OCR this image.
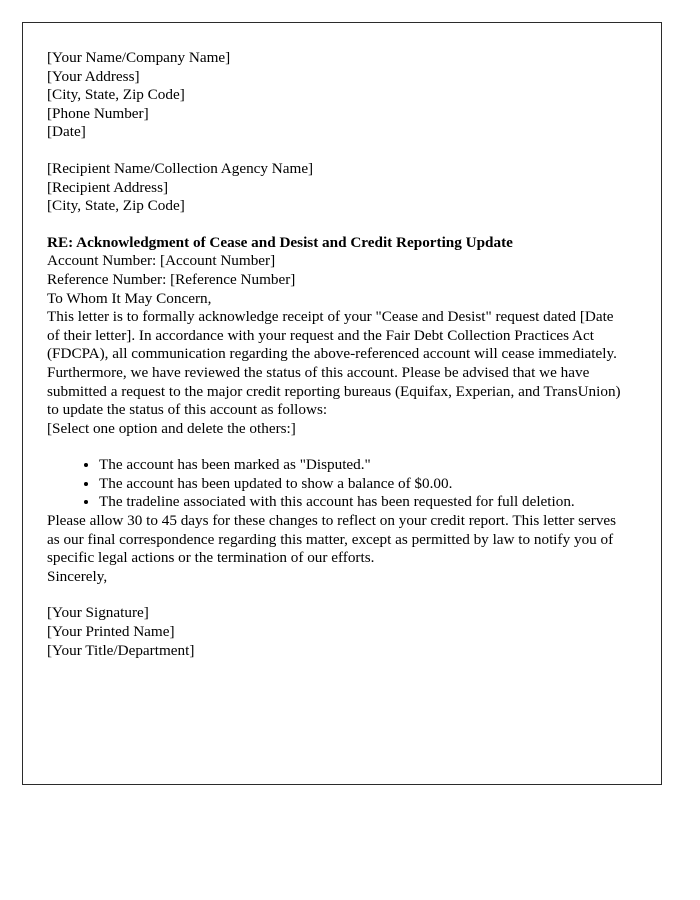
[Your Name/Company Name]
[Your Address]
[City, State, Zip Code]
[Phone Number]
[Date]
[Recipient Name/Collection Agency Name]
[Recipient Address]
[City, State, Zip Code]
RE: Acknowledgment of Cease and Desist and Credit Reporting Update
Account Number: [Account Number]
Reference Number: [Reference Number]

To Whom It May Concern,

This letter is to formally acknowledge receipt of your "Cease and Desist" request dated [Date of their letter]. In accordance with your request and the Fair Debt Collection Practices Act (FDCPA), all communication regarding the above-referenced account will cease immediately.

Furthermore, we have reviewed the status of this account. Please be advised that we have submitted a request to the major credit reporting bureaus (Equifax, Experian, and TransUnion) to update the status of this account as follows:

[Select one option and delete the others:]

• The account has been marked as "Disputed."
• The account has been updated to show a balance of $0.00.
• The tradeline associated with this account has been requested for full deletion.

Please allow 30 to 45 days for these changes to reflect on your credit report. This letter serves as our final correspondence regarding this matter, except as permitted by law to notify you of specific legal actions or the termination of our efforts.

Sincerely,

[Your Signature]
[Your Printed Name]
[Your Title/Department]
